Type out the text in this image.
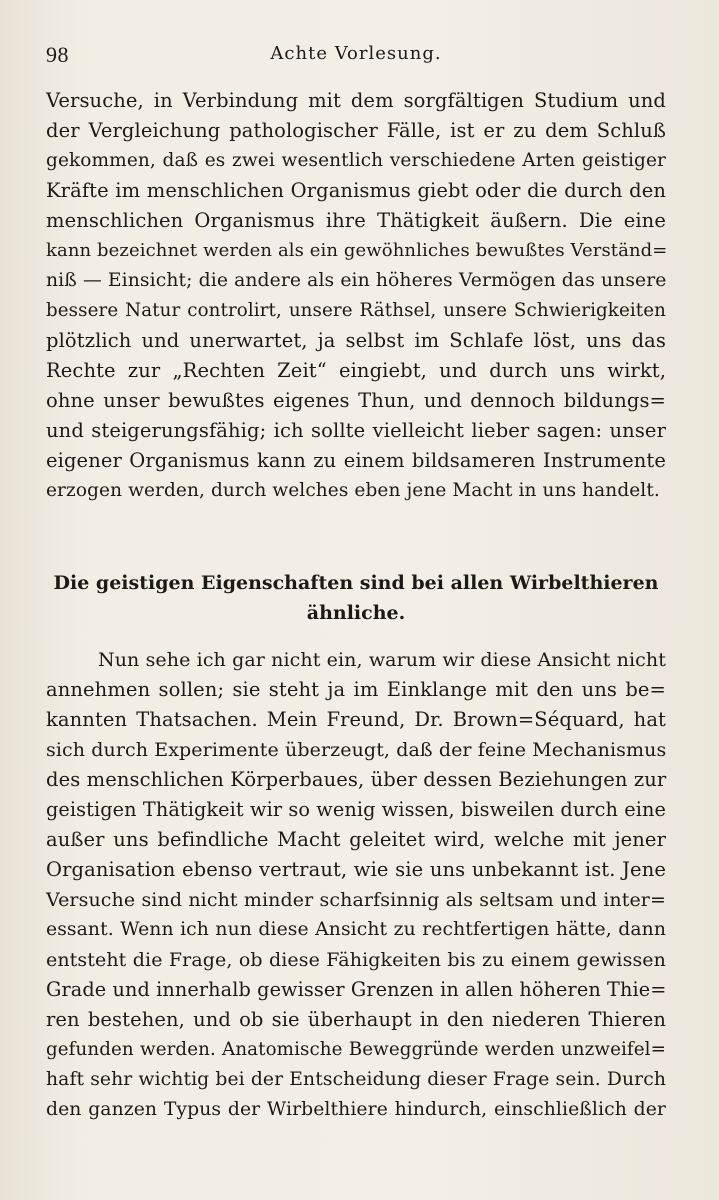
98	Achte Vorlesung.
Versuche, in Verbindung mit dem sorgfältigen Studium und
der Vergleichung pathologischer Fälle, ist er zu dem Schluß
gekommen, daß es zwei wesentlich verschiedene Arten geistiger
Kräfte im menschlichen Organismus giebt oder die durch den
menschlichen Organismus ihre Thätigkeit äußern. Die eine
kann bezeichnet werden als ein gewöhnliches bewußtes Verständ=
niß — Einsicht; die andere als ein höheres Vermögen das unsere
bessere Natur controlirt, unsere Räthsel, unsere Schwierigkeiten
plötzlich und unerwartet, ja selbst im Schlafe löst, uns das
Rechte zur „Rechten Zeit“ eingiebt, und durch uns wirkt,
ohne unser bewußtes eigenes Thun, und dennoch bildungs=
und steigerungsfähig; ich sollte vielleicht lieber sagen: unser
eigener Organismus kann zu einem bildsameren Instrumente
erzogen werden, durch welches eben jene Macht in uns handelt.
Die geistigen Eigenschaften sind bei allen Wirbelthieren
ähnliche.
Nun sehe ich gar nicht ein, warum wir diese Ansicht nicht
annehmen sollen; sie steht ja im Einklange mit den uns be=
kannten Thatsachen. Mein Freund, Dr. Brown=Séquard, hat
sich durch Experimente überzeugt, daß der feine Mechanismus
des menschlichen Körperbaues, über dessen Beziehungen zur
geistigen Thätigkeit wir so wenig wissen, bisweilen durch eine
außer uns befindliche Macht geleitet wird, welche mit jener
Organisation ebenso vertraut, wie sie uns unbekannt ist. Jene
Versuche sind nicht minder scharfsinnig als seltsam und inter=
essant. Wenn ich nun diese Ansicht zu rechtfertigen hätte, dann
entsteht die Frage, ob diese Fähigkeiten bis zu einem gewissen
Grade und innerhalb gewisser Grenzen in allen höheren Thie=
ren bestehen, und ob sie überhaupt in den niederen Thieren
gefunden werden. Anatomische Beweggründe werden unzweifel=
haft sehr wichtig bei der Entscheidung dieser Frage sein. Durch
den ganzen Typus der Wirbelthiere hindurch, einschließlich der
